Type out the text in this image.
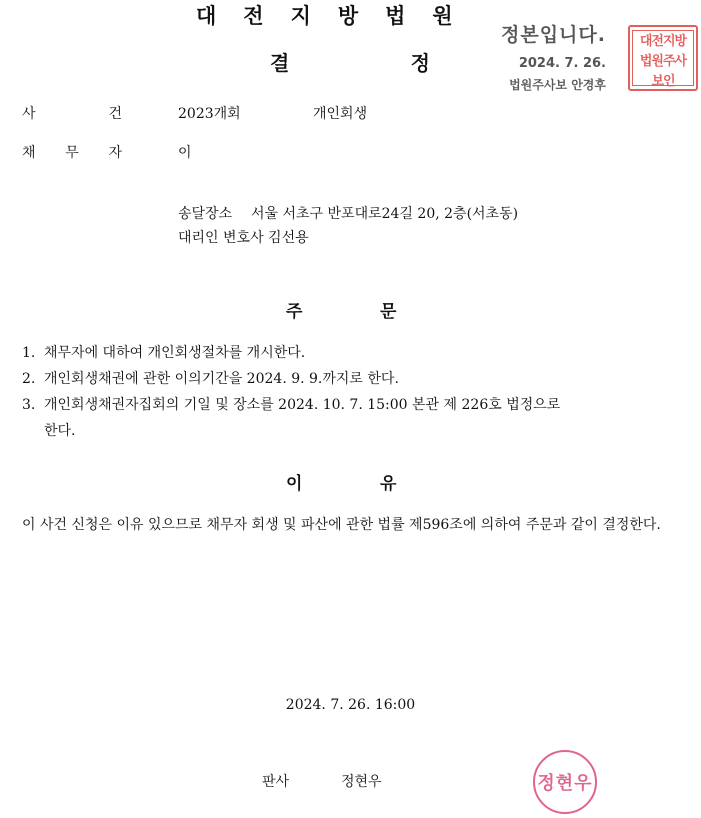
대전지방법원
결	정
정본입니다.
2024. 7. 26.
법원주사보 안경후
대전지방법원주사보인
사	건	2023개회	개인회생
채 무 자	이
송달장소 서울 서초구 반포대로24길 20, 2층(서초동)
대리인 변호사 김선용
주	문
1. 채무자에 대하여 개인회생절차를 개시한다.
2. 개인회생채권에 관한 이의기간을 2024. 9. 9.까지로 한다.
3. 개인회생채권자집회의 기일 및 장소를 2024. 10. 7. 15:00 본관 제 226호 법정으로
한다.
이	유
이 사건 신청은 이유 있으므로 채무자 회생 및 파산에 관한 법률 제596조에 의하여 주문과 같이 결정한다.
2024. 7. 26. 16:00
판사	정현우	정현우
